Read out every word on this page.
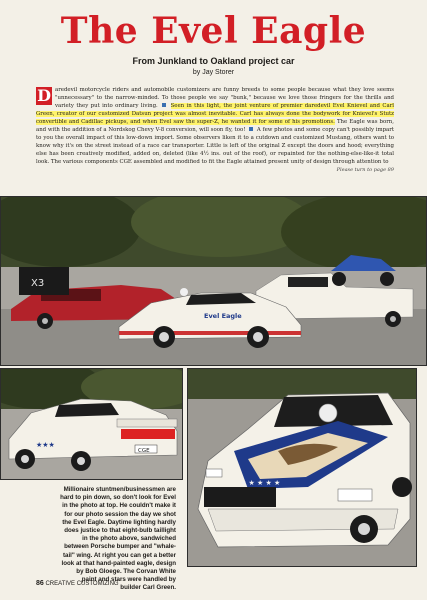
The Evel Eagle
From Junkland to Oakland project car
by Jay Storer
D aredevil motorcycle riders and automobile customizers are funny breeds to some people because what they love seems "unnecessary" to the narrow-minded. To those people we say "bunk," because we love those fringers for the thrills and variety they put into ordinary living. Seen in this light, the joint venture of premier daredevil Evel Knievel and Carl Green, creator of our customized Datsun project was almost inevitable. Carl has always done the bodywork for Knievel's Stutz convertible and Cadillac pickups, and when Evel saw the super-Z, he wanted it for some of his promotions. The Eagle was born, and with the addition of a Nordskog Chevy V-8 conversion, will soon fly, too! A few photos and some copy can't possibly impart to you the overall impact of this low-down import. Some observers liken it to a cutdown and customized Mustang, others want to know why it's on the street instead of a race car transporter. Little is left of the original Z except the doors and hood; everything else has been creatively modified, added on, deleted (like 4½ ins. out of the roof), or repainted for the nothing-else-like-it total look. The various components CGE assembled and modified to fit the Eagle attained present unity of design through attention to
Please turn to page 89
X3
Evel Eagle
★★★
CGE
★ ★ ★ ★ ★
Millionaire stuntmen/businessmen are hard to pin down, so don't look for Evel in the photo at top. He couldn't make it for our photo session the day we shot the Evel Eagle. Daytime lighting hardly does justice to that eight-bulb taillight in the photo above, sandwiched between Porsche bumper and "whale-tail" wing. At right you can get a better look at that hand-painted eagle, design by Bob Gloege. The Corvan White paint and stars were handled by builder Carl Green.
86 CREATIVE CUSTOMIZING
